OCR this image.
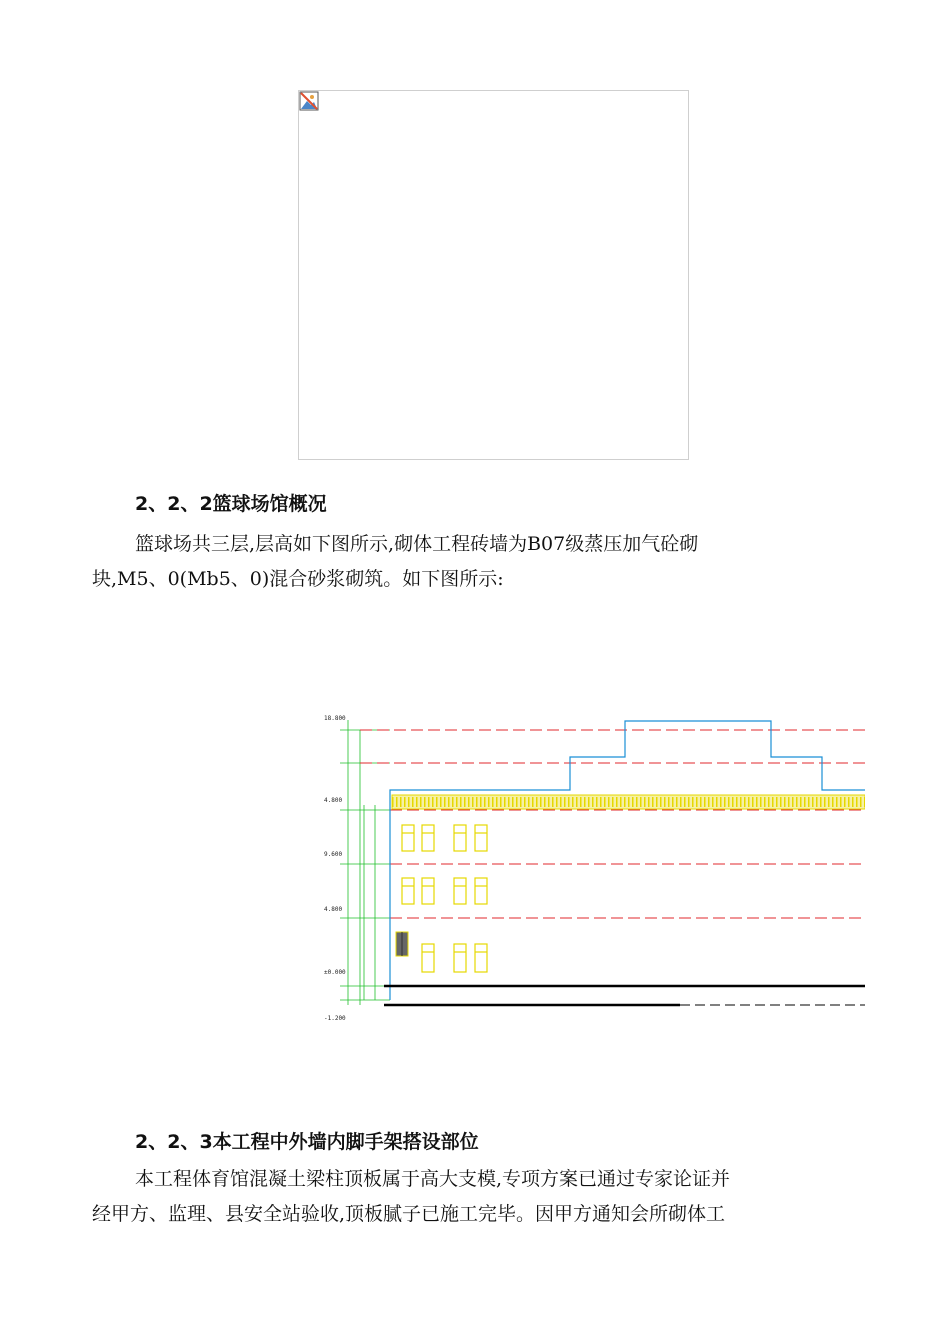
2、2、2篮球场馆概况
篮球场共三层,层高如下图所示,砌体工程砖墙为B07级蒸压加气砼砌
块,M5、0(Mb5、0)混合砂浆砌筑。如下图所示:
18.800
4.800
9.600
4.800
±0.000
-1.200
2、2、3本工程中外墙内脚手架搭设部位
本工程体育馆混凝土梁柱顶板属于高大支模,专项方案已通过专家论证并
经甲方、监理、县安全站验收,顶板腻子已施工完毕。因甲方通知会所砌体工
